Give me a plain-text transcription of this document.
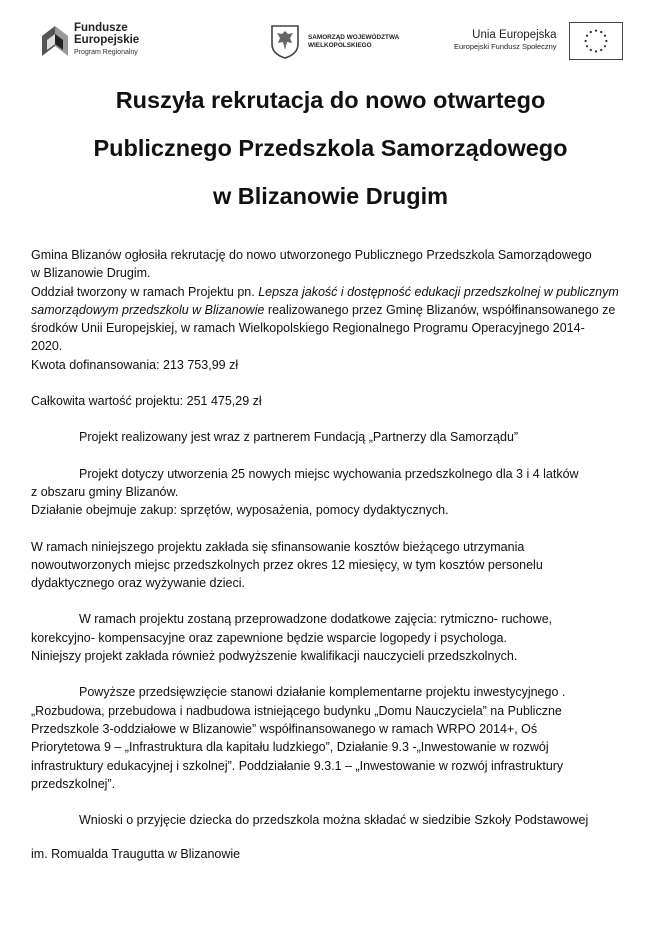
Fundusze
Europejskie
Program Regionalny
SAMORZĄD WOJEWÓDZTWA
WIELKOPOLSKIEGO
Unia Europejska
Europejski Fundusz Społeczny
Ruszyła rekrutacja do nowo otwartego
Publicznego Przedszkola Samorządowego
w Blizanowie Drugim

Gmina Blizanów ogłosiła rekrutację do nowo utworzonego Publicznego Przedszkola Samorządowego
w Blizanowie Drugim.
Oddział tworzony w ramach Projektu pn. Lepsza jakość i dostępność edukacji przedszkolnej w publicznym
samorządowym przedszkolu w Blizanowie realizowanego przez Gminę Blizanów, współfinansowanego ze
środków Unii Europejskiej, w ramach Wielkopolskiego Regionalnego Programu Operacyjnego 2014-
2020.
Kwota dofinansowania: 213 753,99 zł

Całkowita wartość projektu: 251 475,29 zł

Projekt realizowany jest wraz z partnerem Fundacją „Partnerzy dla Samorządu”

Projekt dotyczy utworzenia 25 nowych miejsc wychowania przedszkolnego dla 3 i 4 latków
z obszaru gminy Blizanów.
Działanie obejmuje zakup: sprzętów, wyposażenia, pomocy dydaktycznych.

W ramach niniejszego projektu zakłada się sfinansowanie kosztów bieżącego utrzymania
nowoutworzonych miejsc przedszkolnych przez okres 12 miesięcy, w tym kosztów personelu
dydaktycznego oraz wyżywanie dzieci.

W ramach projektu zostaną przeprowadzone dodatkowe zajęcia: rytmiczno- ruchowe,
korekcyjno- kompensacyjne oraz zapewnione będzie wsparcie logopedy i psychologa.
Niniejszy projekt zakłada również podwyższenie kwalifikacji nauczycieli przedszkolnych.

Powyższe przedsięwzięcie stanowi działanie komplementarne projektu inwestycyjnego .
„Rozbudowa, przebudowa i nadbudowa istniejącego budynku „Domu Nauczyciela” na Publiczne
Przedszkole 3-oddziałowe w Blizanowie” współfinansowanego w ramach WRPO 2014+, Oś
Priorytetowa 9 – „Infrastruktura dla kapitału ludzkiego”, Działanie 9.3 -„Inwestowanie w rozwój
infrastruktury edukacyjnej i szkolnej”. Poddziałanie 9.3.1 – „Inwestowanie w rozwój infrastruktury
przedszkolnej”.

Wnioski o przyjęcie dziecka do przedszkola można składać w siedzibie Szkoły Podstawowej

im. Romualda Traugutta w Blizanowie
